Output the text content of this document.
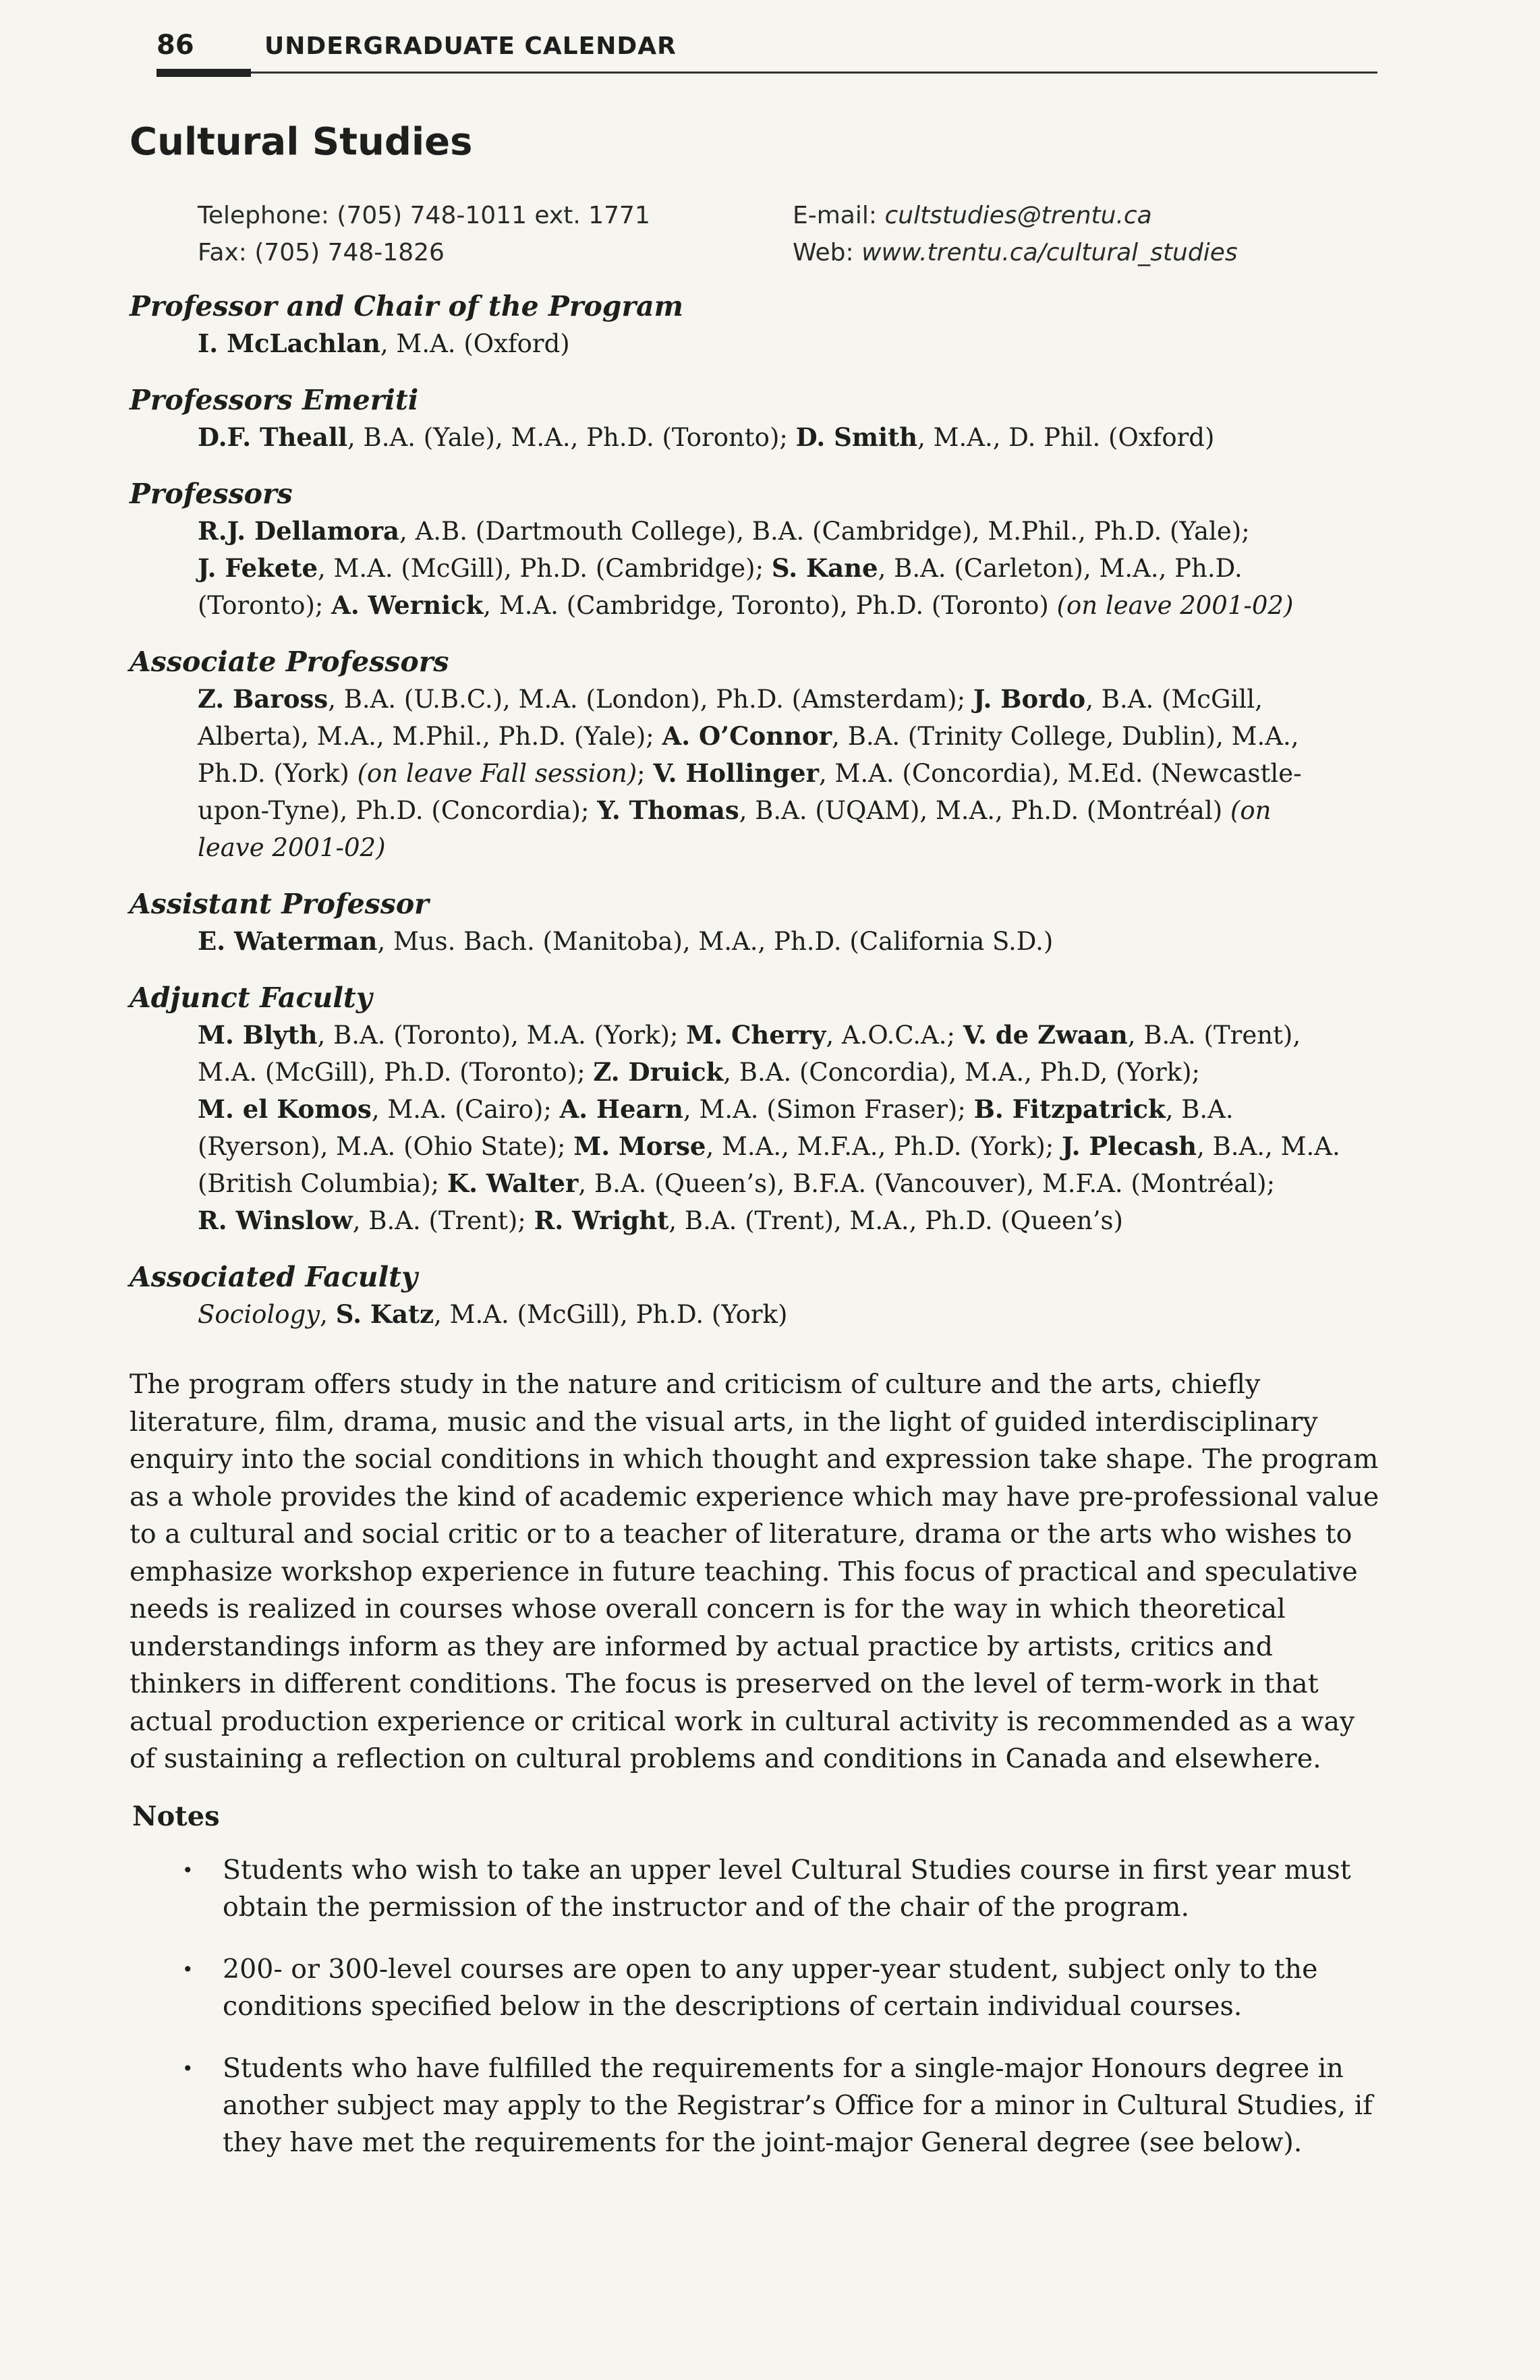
86	UNDERGRADUATE CALENDAR
Cultural Studies
Telephone: (705) 748-1011 ext. 1771
Fax: (705) 748-1826
E-mail: cultstudies@trentu.ca
Web: www.trentu.ca/cultural_studies
Professor and Chair of the Program
I. McLachlan, M.A. (Oxford)
Professors Emeriti
D.F. Theall, B.A. (Yale), M.A., Ph.D. (Toronto); D. Smith, M.A., D. Phil. (Oxford)
Professors
R.J. Dellamora, A.B. (Dartmouth College), B.A. (Cambridge), M.Phil., Ph.D. (Yale);
J. Fekete, M.A. (McGill), Ph.D. (Cambridge); S. Kane, B.A. (Carleton), M.A., Ph.D.
(Toronto); A. Wernick, M.A. (Cambridge, Toronto), Ph.D. (Toronto) (on leave 2001-02)
Associate Professors
Z. Baross, B.A. (U.B.C.), M.A. (London), Ph.D. (Amsterdam); J. Bordo, B.A. (McGill,
Alberta), M.A., M.Phil., Ph.D. (Yale); A. O’Connor, B.A. (Trinity College, Dublin), M.A.,
Ph.D. (York) (on leave Fall session); V. Hollinger, M.A. (Concordia), M.Ed. (Newcastle-
upon-Tyne), Ph.D. (Concordia); Y. Thomas, B.A. (UQAM), M.A., Ph.D. (Montréal) (on
leave 2001-02)
Assistant Professor
E. Waterman, Mus. Bach. (Manitoba), M.A., Ph.D. (California S.D.)
Adjunct Faculty
M. Blyth, B.A. (Toronto), M.A. (York); M. Cherry, A.O.C.A.; V. de Zwaan, B.A. (Trent),
M.A. (McGill), Ph.D. (Toronto); Z. Druick, B.A. (Concordia), M.A., Ph.D, (York);
M. el Komos, M.A. (Cairo); A. Hearn, M.A. (Simon Fraser); B. Fitzpatrick, B.A.
(Ryerson), M.A. (Ohio State); M. Morse, M.A., M.F.A., Ph.D. (York); J. Plecash, B.A., M.A.
(British Columbia); K. Walter, B.A. (Queen’s), B.F.A. (Vancouver), M.F.A. (Montréal);
R. Winslow, B.A. (Trent); R. Wright, B.A. (Trent), M.A., Ph.D. (Queen’s)
Associated Faculty
Sociology, S. Katz, M.A. (McGill), Ph.D. (York)

The program offers study in the nature and criticism of culture and the arts, chiefly literature, film, drama, music and the visual arts, in the light of guided interdisciplinary enquiry into the social conditions in which thought and expression take shape. The program as a whole provides the kind of academic experience which may have pre-professional value to a cultural and social critic or to a teacher of literature, drama or the arts who wishes to emphasize workshop experience in future teaching. This focus of practical and speculative needs is realized in courses whose overall concern is for the way in which theoretical understandings inform as they are informed by actual practice by artists, critics and thinkers in different conditions. The focus is preserved on the level of term-work in that actual production experience or critical work in cultural activity is recommended as a way of sustaining a reflection on cultural problems and conditions in Canada and elsewhere.

Notes
• Students who wish to take an upper level Cultural Studies course in first year must obtain the permission of the instructor and of the chair of the program.
• 200- or 300-level courses are open to any upper-year student, subject only to the conditions specified below in the descriptions of certain individual courses.
• Students who have fulfilled the requirements for a single-major Honours degree in another subject may apply to the Registrar’s Office for a minor in Cultural Studies, if they have met the requirements for the joint-major General degree (see below).
